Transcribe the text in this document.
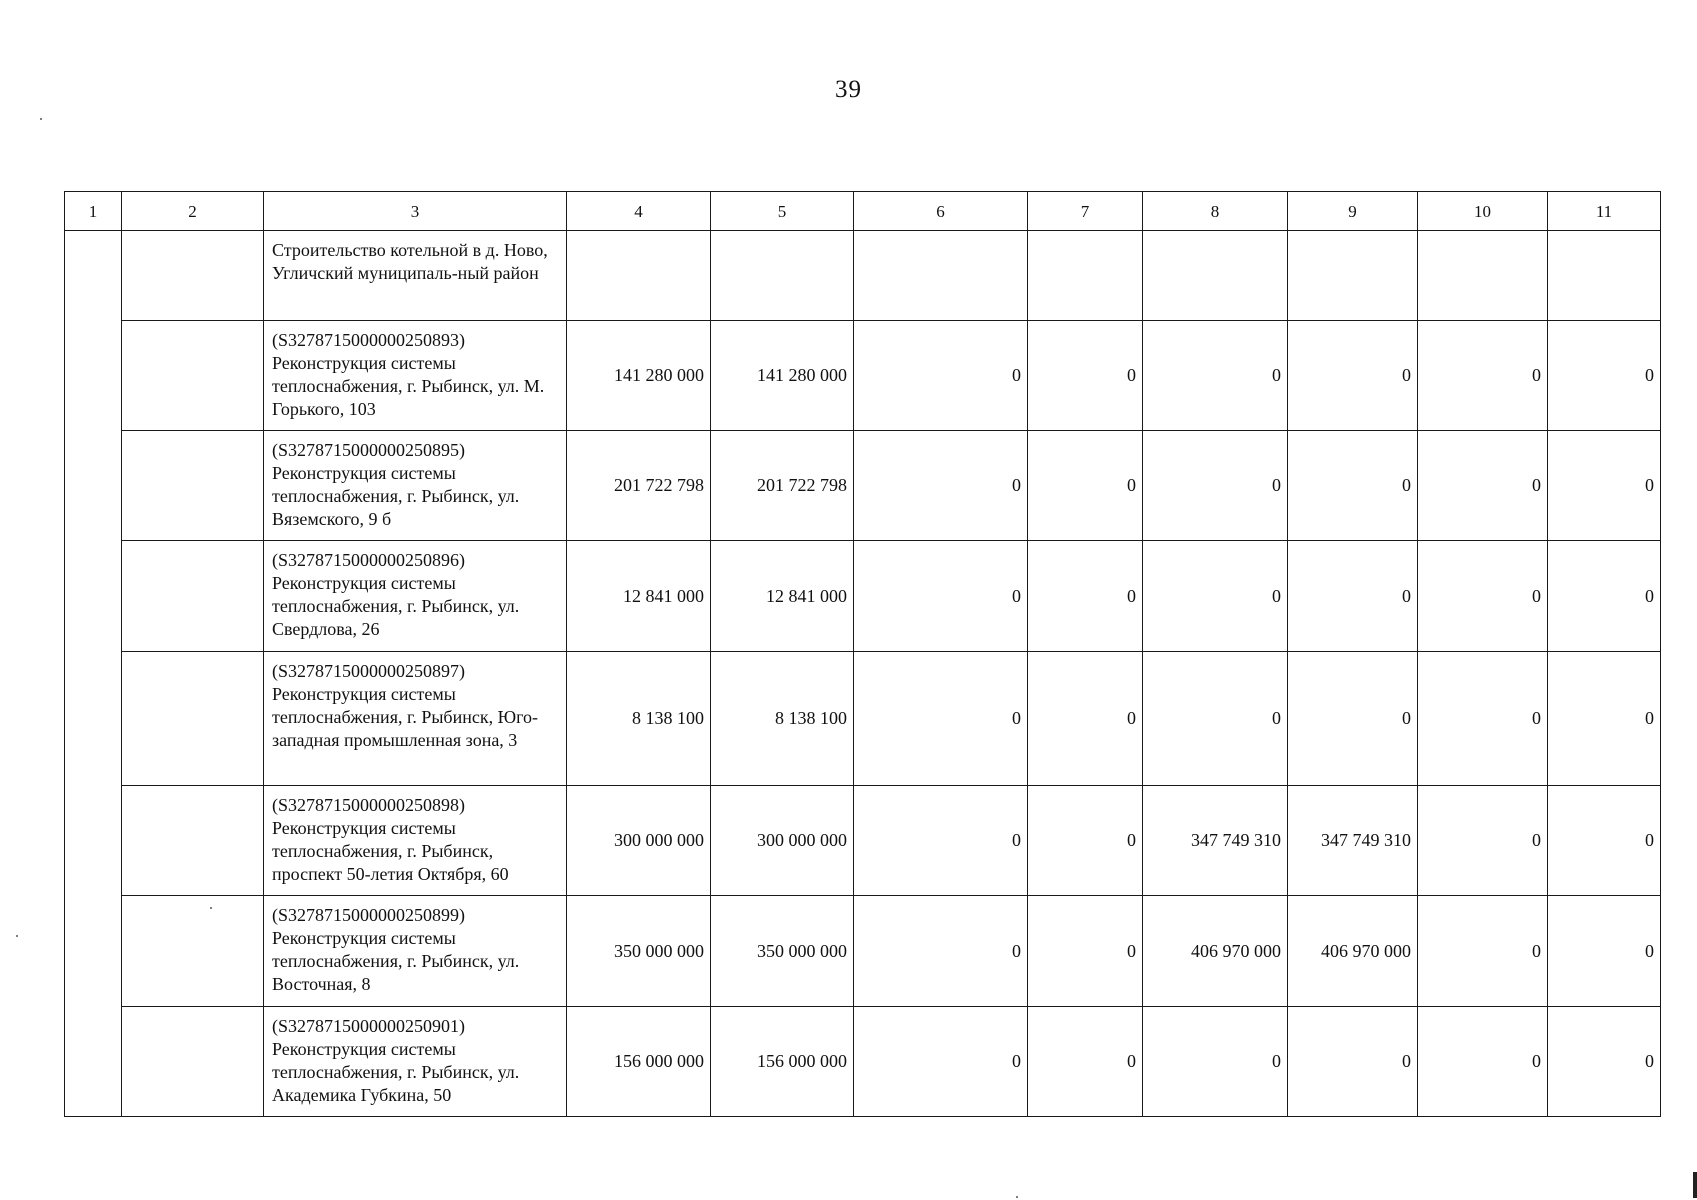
39
1	2	3	4	5	6	7	8	9	10	11
		Строительство котельной в д. Ново, Угличский муниципаль-ный район								
		(S3278715000000250893) Реконструкция системы теплоснабжения, г. Рыбинск, ул. М. Горького, 103	141 280 000	141 280 000	0	0	0	0	0	0
		(S3278715000000250895) Реконструкция системы теплоснабжения, г. Рыбинск, ул. Вяземского, 9 б	201 722 798	201 722 798	0	0	0	0	0	0
		(S3278715000000250896) Реконструкция системы теплоснабжения, г. Рыбинск, ул. Свердлова, 26	12 841 000	12 841 000	0	0	0	0	0	0
		(S3278715000000250897) Реконструкция системы теплоснабжения, г. Рыбинск, Юго-западная промышленная зона, 3	8 138 100	8 138 100	0	0	0	0	0	0
		(S3278715000000250898) Реконструкция системы теплоснабжения, г. Рыбинск, проспект 50-летия Октября, 60	300 000 000	300 000 000	0	0	347 749 310	347 749 310	0	0
		(S3278715000000250899) Реконструкция системы теплоснабжения, г. Рыбинск, ул. Восточная, 8	350 000 000	350 000 000	0	0	406 970 000	406 970 000	0	0
		(S3278715000000250901) Реконструкция системы теплоснабжения, г. Рыбинск, ул. Академика Губкина, 50	156 000 000	156 000 000	0	0	0	0	0	0
